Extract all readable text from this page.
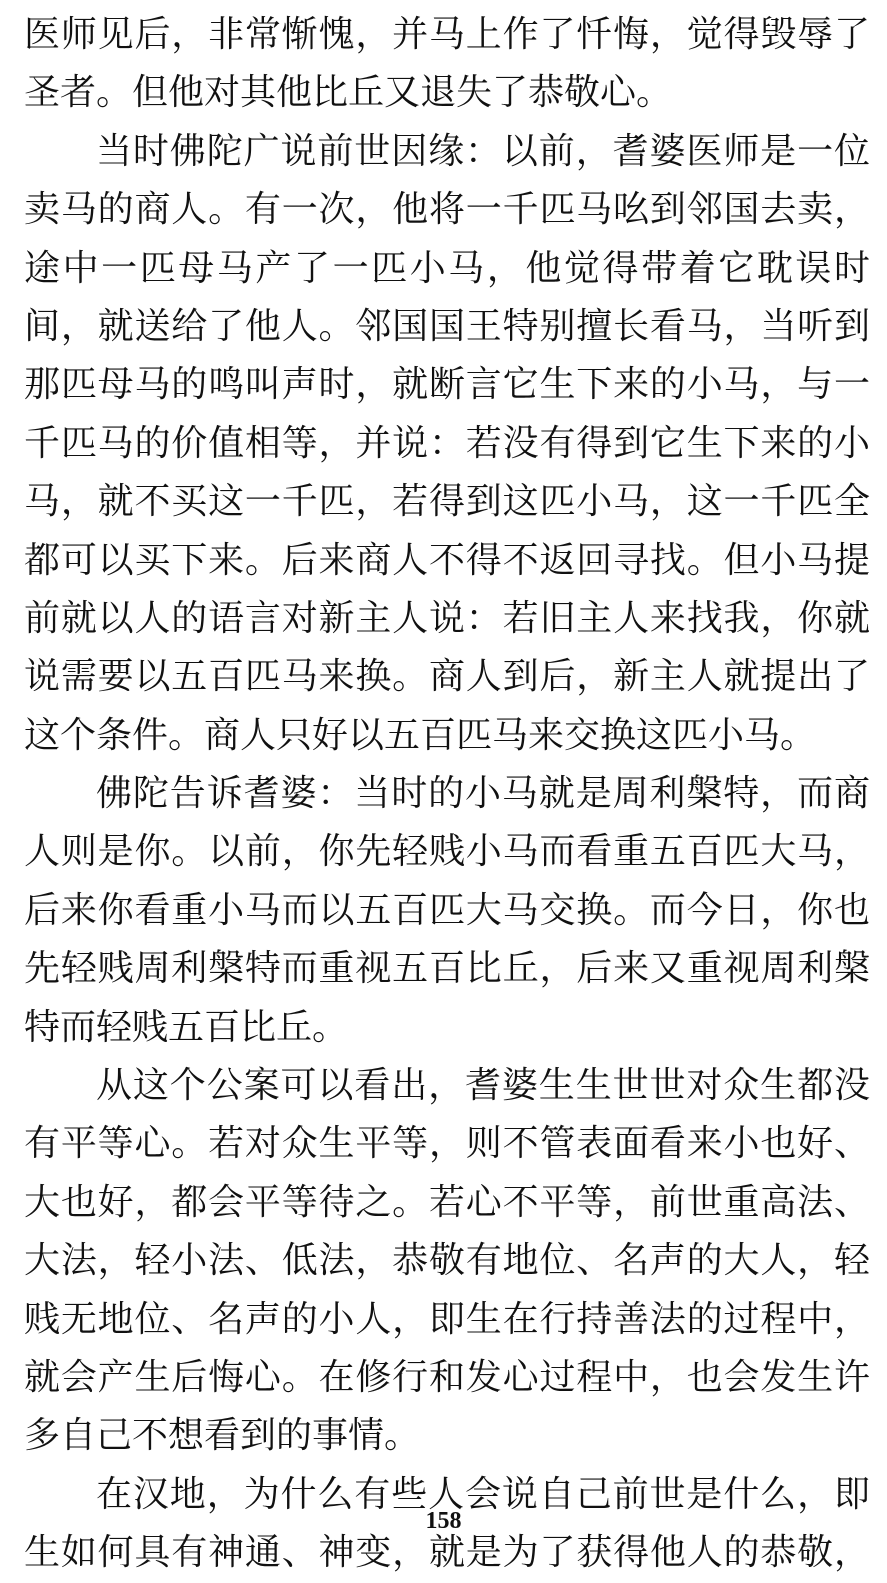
医师见后，非常惭愧，并马上作了忏悔，觉得毁辱了
圣者。但他对其他比丘又退失了恭敬心。
当时佛陀广说前世因缘：以前，耆婆医师是一位
卖马的商人。有一次，他将一千匹马吆到邻国去卖，
途中一匹母马产了一匹小马，他觉得带着它耽误时
间，就送给了他人。邻国国王特别擅长看马，当听到
那匹母马的鸣叫声时，就断言它生下来的小马，与一
千匹马的价值相等，并说：若没有得到它生下来的小
马，就不买这一千匹，若得到这匹小马，这一千匹全
都可以买下来。后来商人不得不返回寻找。但小马提
前就以人的语言对新主人说：若旧主人来找我，你就
说需要以五百匹马来换。商人到后，新主人就提出了
这个条件。商人只好以五百匹马来交换这匹小马。
佛陀告诉耆婆：当时的小马就是周利槃特，而商
人则是你。以前，你先轻贱小马而看重五百匹大马，
后来你看重小马而以五百匹大马交换。而今日，你也
先轻贱周利槃特而重视五百比丘，后来又重视周利槃
特而轻贱五百比丘。
从这个公案可以看出，耆婆生生世世对众生都没
有平等心。若对众生平等，则不管表面看来小也好、
大也好，都会平等待之。若心不平等，前世重高法、
大法，轻小法、低法，恭敬有地位、名声的大人，轻
贱无地位、名声的小人，即生在行持善法的过程中，
就会产生后悔心。在修行和发心过程中，也会发生许
多自己不想看到的事情。
在汉地，为什么有些人会说自己前世是什么，即
生如何具有神通、神变，就是为了获得他人的恭敬，
158
